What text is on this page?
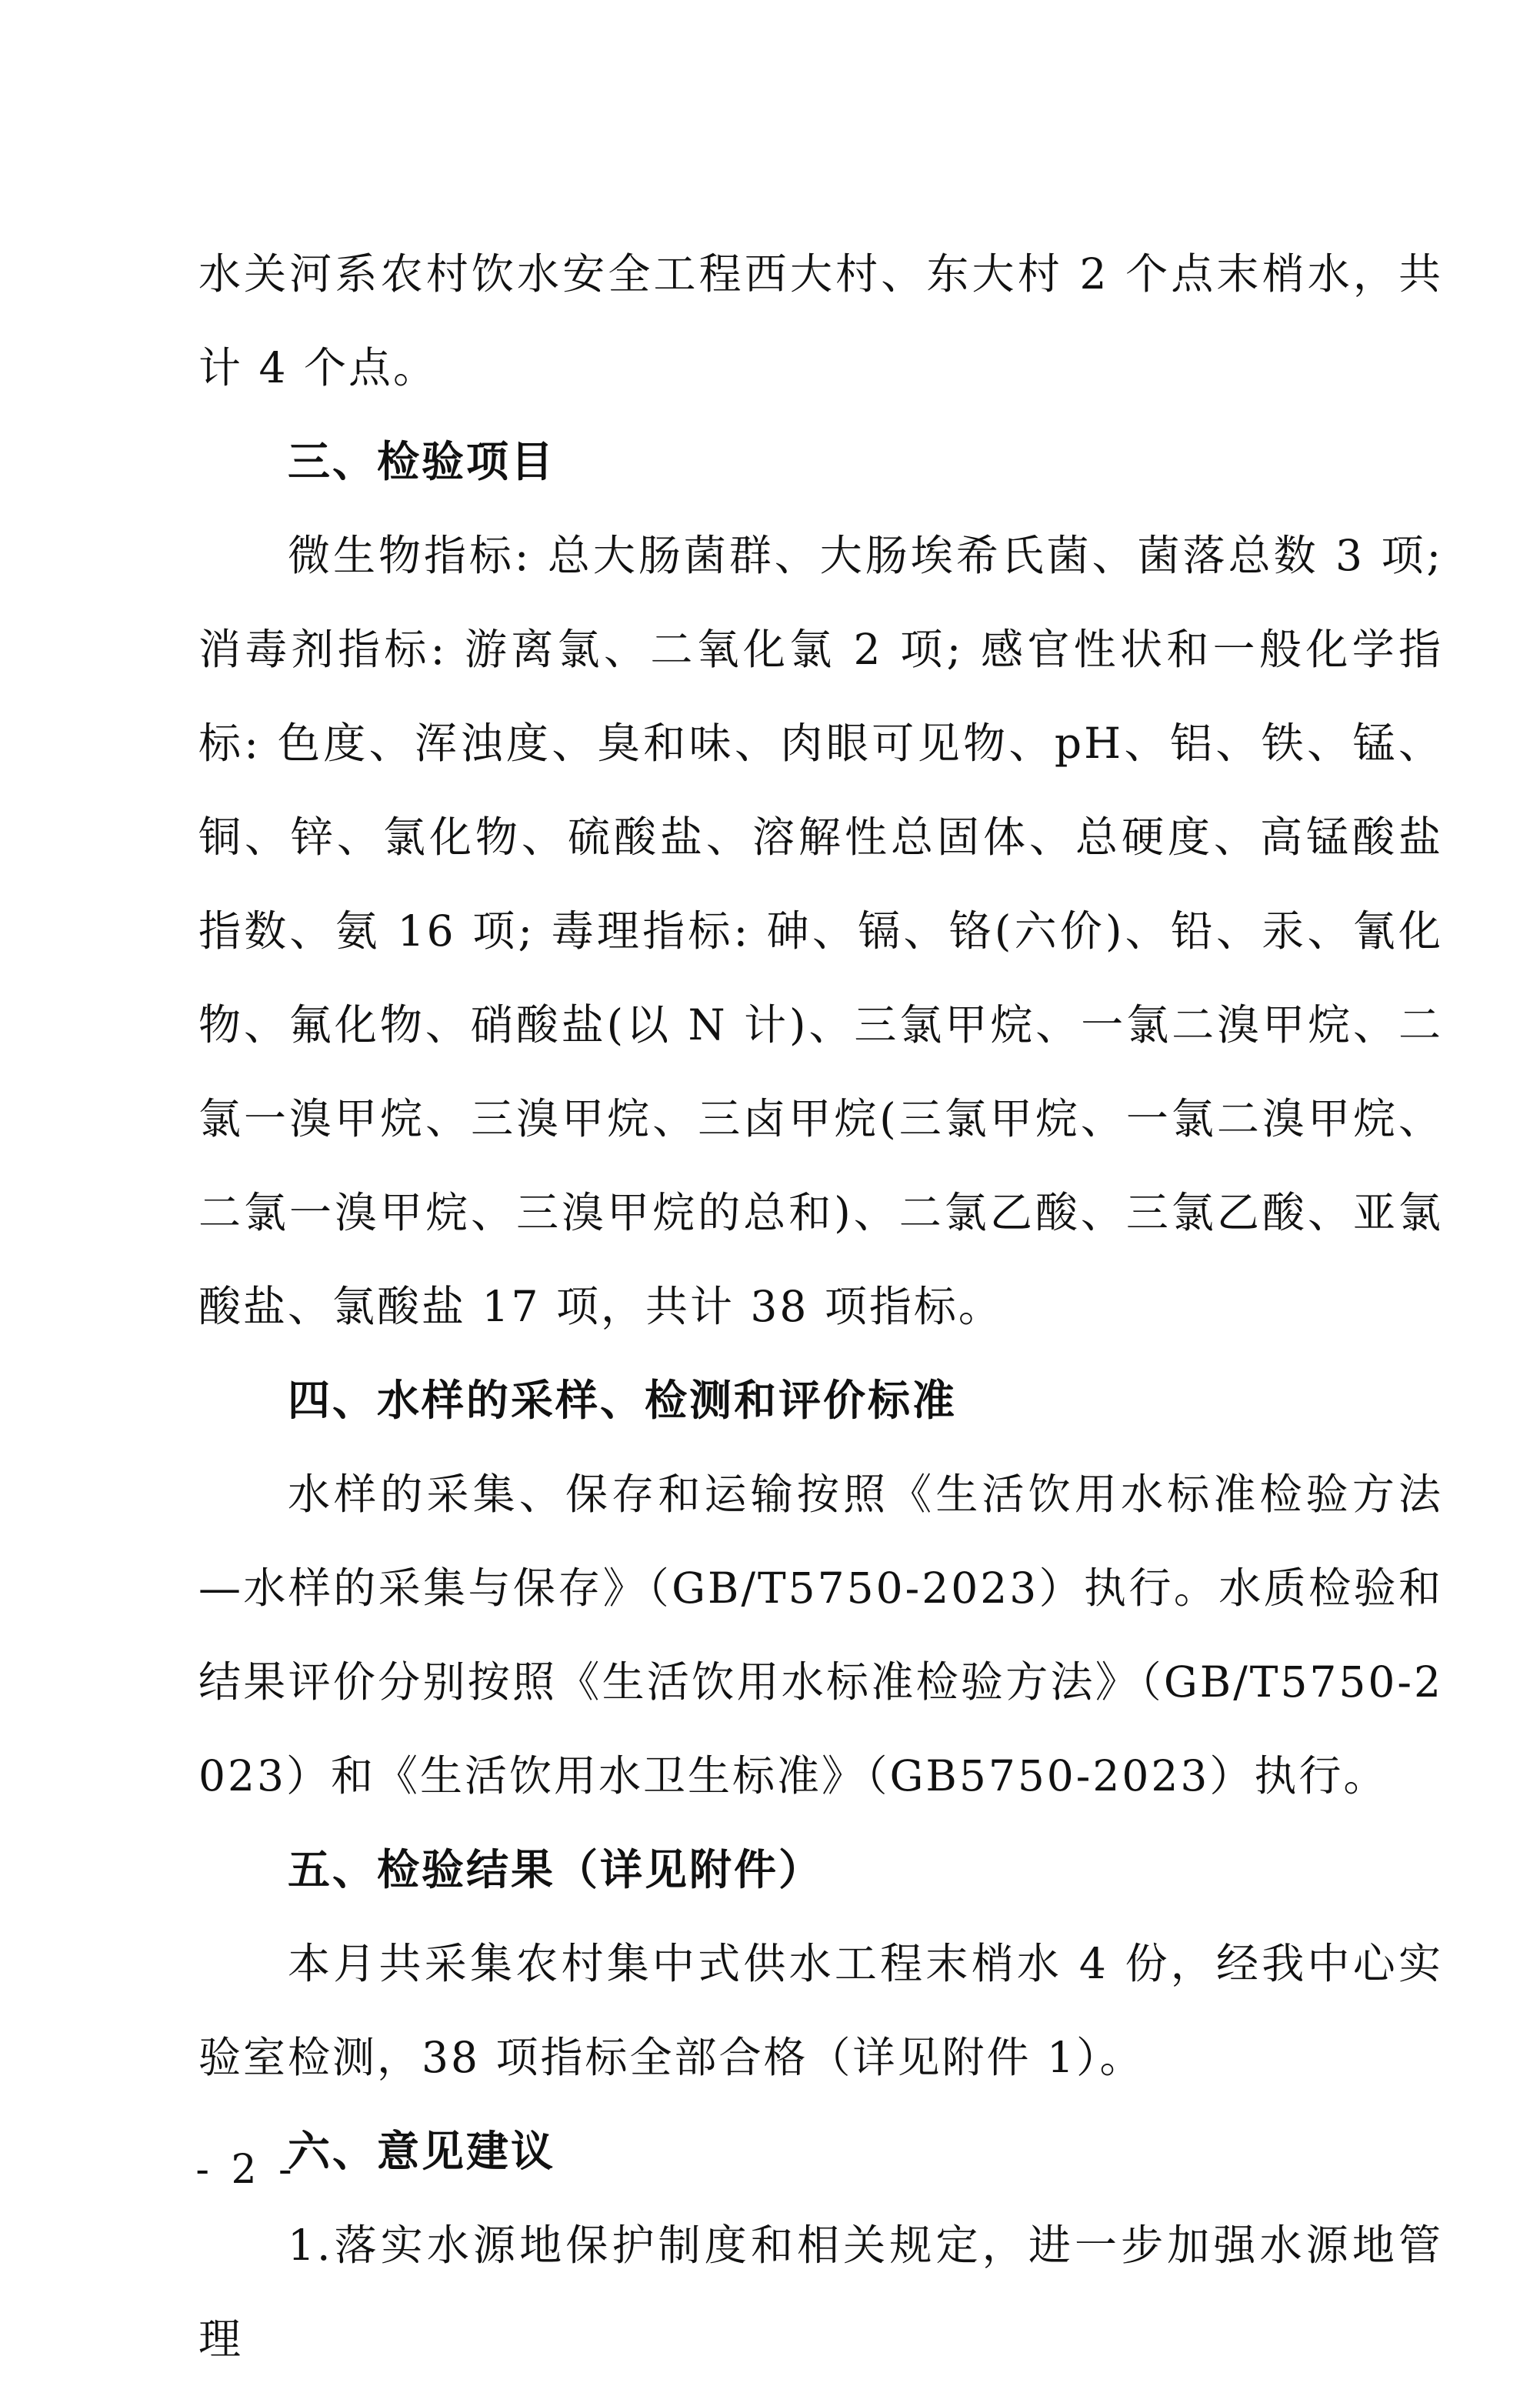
水关河系农村饮水安全工程西大村、东大村 2 个点末梢水，共计 4 个点。

三、检验项目

微生物指标: 总大肠菌群、大肠埃希氏菌、菌落总数 3 项; 消毒剂指标: 游离氯、二氧化氯 2 项; 感官性状和一般化学指标: 色度、浑浊度、臭和味、肉眼可见物、pH、铝、铁、锰、铜、锌、氯化物、硫酸盐、溶解性总固体、总硬度、高锰酸盐指数、氨 16 项; 毒理指标: 砷、镉、铬(六价)、铅、汞、氰化物、氟化物、硝酸盐(以 N 计)、三氯甲烷、一氯二溴甲烷、二氯一溴甲烷、三溴甲烷、三卤甲烷(三氯甲烷、一氯二溴甲烷、二氯一溴甲烷、三溴甲烷的总和)、二氯乙酸、三氯乙酸、亚氯酸盐、氯酸盐 17 项，共计 38 项指标。

四、水样的采样、检测和评价标准

水样的采集、保存和运输按照《生活饮用水标准检验方法—水样的采集与保存》（GB/T5750-2023）执行。水质检验和结果评价分别按照《生活饮用水标准检验方法》（GB/T5750-2023）和《生活饮用水卫生标准》（GB5750-2023）执行。

五、检验结果（详见附件）

本月共采集农村集中式供水工程末梢水 4 份，经我中心实验室检测，38 项指标全部合格（详见附件 1）。

六、意见建议

1.落实水源地保护制度和相关规定，进一步加强水源地管理

- 2 -
